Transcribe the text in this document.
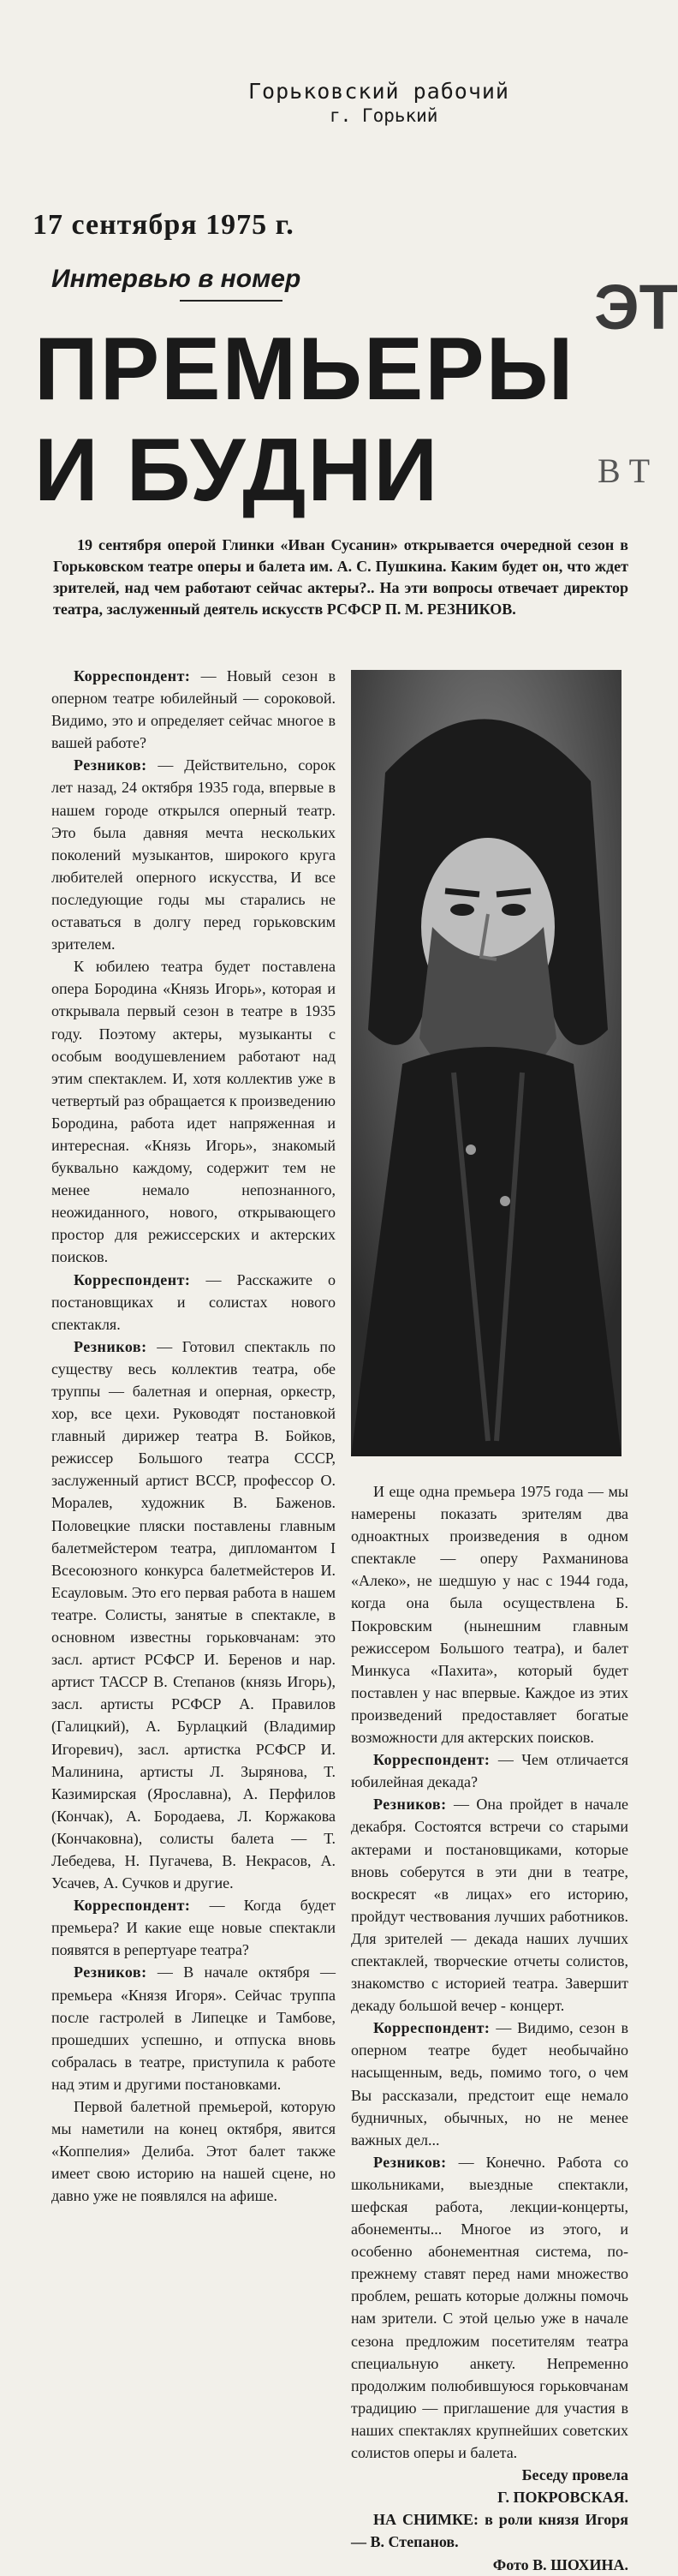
Горьковский рабочий
г. Горький
17 сентября 1975 г.
Интервью в номер
ПРЕМЬЕРЫ
И БУДНИ
ЭТ
В Т
19 сентября оперой Глинки «Иван Сусанин» открывается очередной сезон в Горьковском театре оперы и балета им. А. С. Пушкина. Каким будет он, что ждет зрителей, над чем работают сейчас актеры?.. На эти вопросы отвечает директор театра, заслуженный деятель искусств РСФСР П. М. РЕЗНИКОВ.

Корреспондент: — Новый сезон в оперном театре юбилейный — сороковой. Видимо, это и определяет сейчас многое в вашей работе?

Резников: — Действительно, сорок лет назад, 24 октября 1935 года, впервые в нашем городе открылся оперный театр. Это была давняя мечта нескольких поколений музыкантов, широкого круга любителей оперного искусства, И все последующие годы мы старались не оставаться в долгу перед горьковским зрителем.

К юбилею театра будет поставлена опера Бородина «Князь Игорь», которая и открывала первый сезон в театре в 1935 году. Поэтому актеры, музыканты с особым воодушевлением работают над этим спектаклем. И, хотя коллектив уже в четвертый раз обращается к произведению Бородина, работа идет напряженная и интересная. «Князь Игорь», знакомый буквально каждому, содержит тем не менее немало непознанного, неожиданного, нового, открывающего простор для режиссерских и актерских поисков.

Корреспондент: — Расскажите о постановщиках и солистах нового спектакля.

Резников: — Готовил спектакль по существу весь коллектив театра, обе труппы — балетная и оперная, оркестр, хор, все цехи. Руководят постановкой главный дирижер театра В. Бойков, режиссер Большого театра СССР, заслуженный артист ВССР, профессор О. Моралев, художник В. Баженов. Половецкие пляски поставлены главным балетмейстером театра, дипломантом I Всесоюзного конкурса балетмейстеров И. Есауловым. Это его первая работа в нашем театре. Солисты, занятые в спектакле, в основном известны горьковчанам: это засл. артист РСФСР И. Беренов и нар. артист ТАССР В. Степанов (князь Игорь), засл. артисты РСФСР А. Правилов (Галицкий), А. Бурлацкий (Владимир Игоревич), засл. артистка РСФСР И. Малинина, артисты Л. Зырянова, Т. Казимирская (Ярославна), А. Перфилов (Кончак), А. Бородаева, Л. Коржакова (Кончаковна), солисты балета — Т. Лебедева, Н. Пугачева, В. Некрасов, А. Усачев, А. Сучков и другие.

Корреспондент: — Когда будет премьера? И какие еще новые спектакли появятся в репертуаре театра?

Резников: — В начале октября — премьера «Князя Игоря». Сейчас труппа после гастролей в Липецке и Тамбове, прошедших успешно, и отпуска вновь собралась в театре, приступила к работе над этим и другими постановками.

Первой балетной премьерой, которую мы наметили на конец октября, явится «Коппелия» Делиба. Этот балет также имеет свою историю на нашей сцене, но давно уже не появлялся на афише.

И еще одна премьера 1975 года — мы намерены показать зрителям два одноактных произведения в одном спектакле — оперу Рахманинова «Алеко», не шедшую у нас с 1944 года, когда она была осуществлена Б. Покровским (нынешним главным режиссером Большого театра), и балет Минкуса «Пахита», который будет поставлен у нас впервые. Каждое из этих произведений предоставляет богатые возможности для актерских поисков.

Корреспондент: — Чем отличается юбилейная декада?

Резников: — Она пройдет в начале декабря. Состоятся встречи со старыми актерами и постановщиками, которые вновь соберутся в эти дни в театре, воскресят «в лицах» его историю, пройдут чествования лучших работников. Для зрителей — декада наших лучших спектаклей, творческие отчеты солистов, знакомство с историей театра. Завершит декаду большой вечер - концерт.

Корреспондент: — Видимо, сезон в оперном театре будет необычайно насыщенным, ведь, помимо того, о чем Вы рассказали, предстоит еще немало будничных, обычных, но не менее важных дел...

Резников: — Конечно. Работа со школьниками, выездные спектакли, шефская работа, лекции-концерты, абонементы... Многое из этого, и особенно абонементная система, по-прежнему ставят перед нами множество проблем, решать которые должны помочь нам зрители. С этой целью уже в начале сезона предложим посетителям театра специальную анкету. Непременно продолжим полюбившуюся горьковчанам традицию — приглашение для участия в наших спектаклях крупнейших советских солистов оперы и балета.

Беседу провела

Г. ПОКРОВСКАЯ.

НА СНИМКЕ: в роли князя Игоря — В. Степанов.

Фото В. ШОХИНА.
